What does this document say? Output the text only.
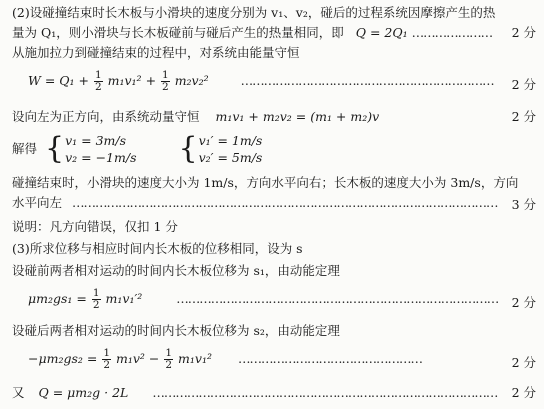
(2)设碰撞结束时长木板与小滑块的速度分别为 v₁、v₂，碰后的过程系统因摩擦产生的热
量为 Q₁，则小滑块与长木板碰前与碰后产生的热量相同，即 Q = 2Q₁ ………………… 2 分
从施加拉力到碰撞结束的过程中，对系统由能量守恒
$W = Q_1 + \frac{1}{2} m_1v_1^2 + \frac{1}{2} m_2v_2^2$	………………………………………………………… 2 分
设向左为正方向，由系统动量守恒 m₁v₁ + m₂v₂ = (m₁ + m₂)v	2 分
解得 {v₁ = 3m/s
v₂ = −1m/s {v₁′ = 1m/s
v₂′ = 5m/s
碰撞结束时，小滑块的速度大小为 1m/s，方向水平向右；长木板的速度大小为 3m/s，方向
水平向左 ………………………………………………………………………………………………… 3 分
说明：凡方向错误，仅扣 1 分
(3)所求位移与相应时间内长木板的位移相同，设为 s
设碰前两者相对运动的时间内长木板位移为 s₁，由动能定理
$\mu m_2gs_1 = \frac{1}{2} m_1v_1'^2$	………………………………………………………………………… 2 分
设碰后两者相对运动的时间内长木板位移为 s₂，由动能定理
$-\mu m_2gs_2 = \frac{1}{2} m_1v^2 - \frac{1}{2} m_1v_1^2$ …………………………………………	2 分
又 Q = μm₂g · 2L ……………………………………………………………………………… 2 分
